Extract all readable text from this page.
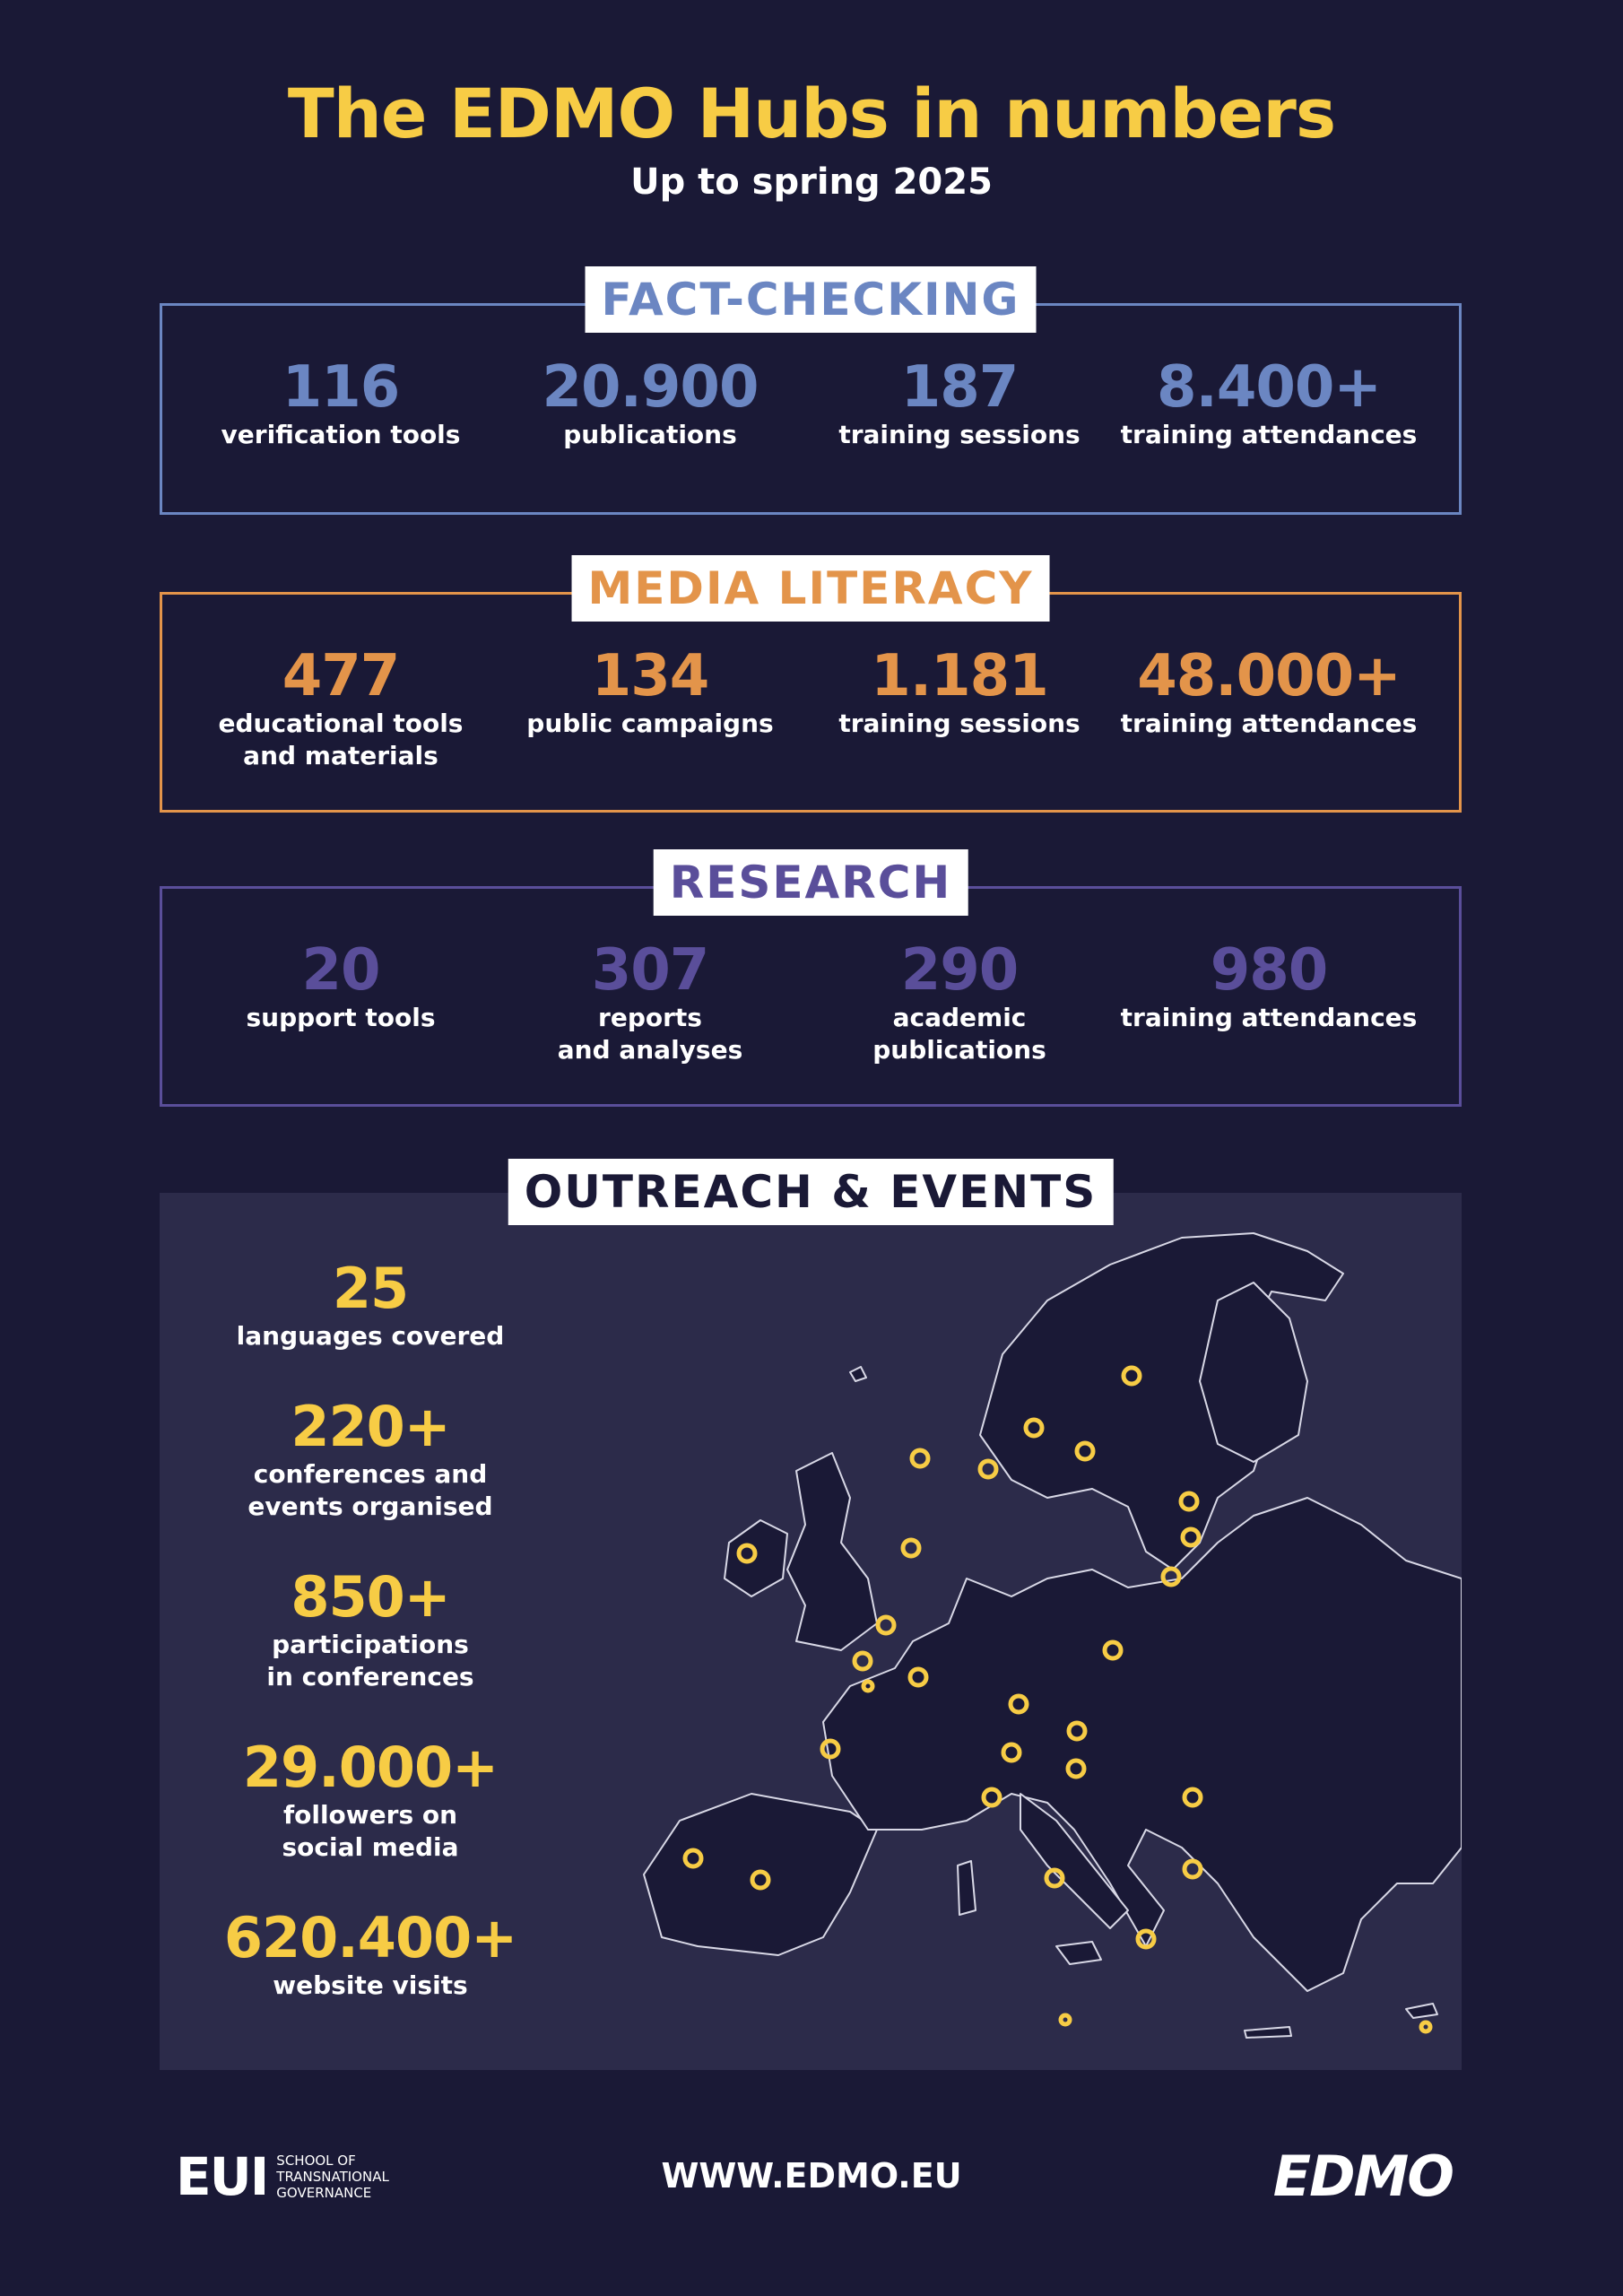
The EDMO Hubs in numbers
Up to spring 2025
FACT-CHECKING
116
verification tools
20.900
publications
187
training sessions
8.400+
training attendances
MEDIA LITERACY
477
educational tools
and materials
134
public campaigns
1.181
training sessions
48.000+
training attendances
RESEARCH
20
support tools
307
reports
and analyses
290
academic
publications
980
training attendances
OUTREACH & EVENTS
25
languages covered
220+
conferences and
events organised
850+
participations
in conferences
29.000+
followers on
social media
620.400+
website visits
EUI SCHOOL OF
TRANSNATIONAL
GOVERNANCE	WWW.EDMO.EU	EDMO
